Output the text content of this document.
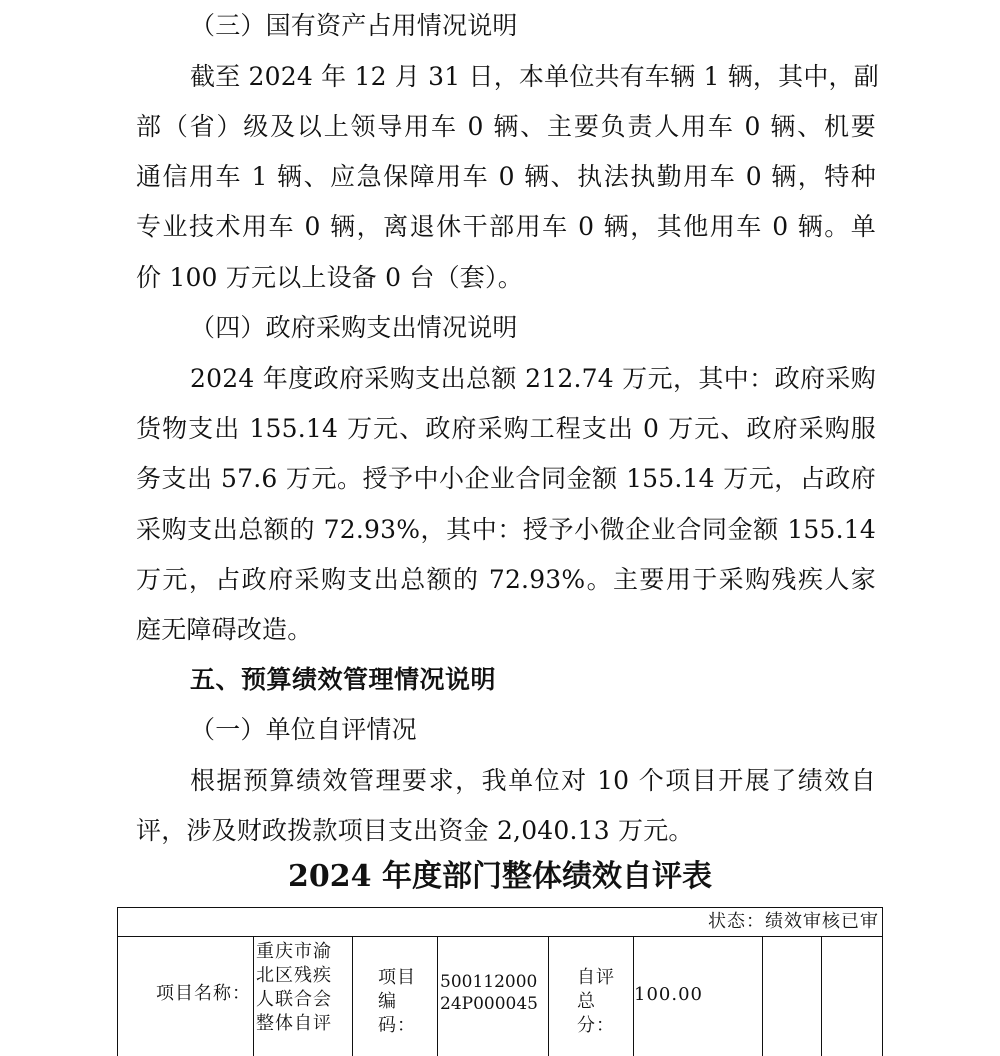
（三）国有资产占用情况说明
截至 2024 年 12 月 31 日，本单位共有车辆 1 辆，其中，副
部（省）级及以上领导用车 0 辆、主要负责人用车 0 辆、机要
通信用车 1 辆、应急保障用车 0 辆、执法执勤用车 0 辆，特种
专业技术用车 0 辆，离退休干部用车 0 辆，其他用车 0 辆。单
价 100 万元以上设备 0 台（套）。
（四）政府采购支出情况说明
2024 年度政府采购支出总额 212.74 万元，其中：政府采购
货物支出 155.14 万元、政府采购工程支出 0 万元、政府采购服
务支出 57.6 万元。授予中小企业合同金额 155.14 万元，占政府
采购支出总额的 72.93%，其中：授予小微企业合同金额 155.14
万元，占政府采购支出总额的 72.93%。主要用于采购残疾人家
庭无障碍改造。
五、预算绩效管理情况说明
（一）单位自评情况
根据预算绩效管理要求，我单位对 10 个项目开展了绩效自
评，涉及财政拨款项目支出资金 2,040.13 万元。
2024 年度部门整体绩效自评表
状态：绩效审核已审
项目名称：
重庆市渝北区残疾人联合会整体自评
项目编码：
50011200024P000045
自评总分：
100.00
